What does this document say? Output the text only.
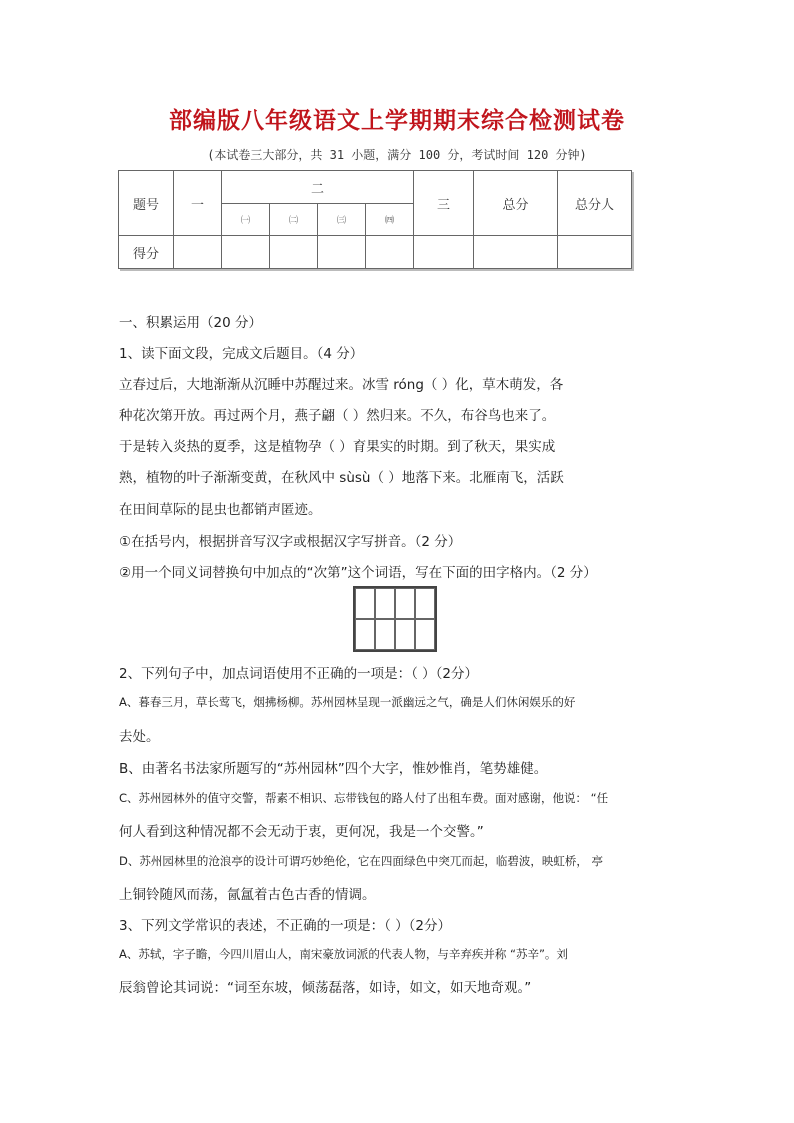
部编版八年级语文上学期期末综合检测试卷
(本试卷三大部分，共 31 小题，满分 100 分，考试时间 120 分钟)
题号	一	二				三	总分	总分人
		㈠	㈡	㈢	㈣			
得分								
一、积累运用（20 分）
1、读下面文段，完成文后题目。（4 分）
立春过后，大地渐渐从沉睡中苏醒过来。冰雪 róng（ ）化，草木萌发，各
种花次第开放。再过两个月，燕子翩（ ）然归来。不久，布谷鸟也来了。
于是转入炎热的夏季，这是植物孕（ ）育果实的时期。到了秋天，果实成
熟，植物的叶子渐渐变黄，在秋风中 sùsù（ ）地落下来。北雁南飞，活跃
在田间草际的昆虫也都销声匿迹。
①在括号内，根据拼音写汉字或根据汉字写拼音。（2 分）
②用一个同义词替换句中加点的“次第”这个词语，写在下面的田字格内。（2 分）
2、下列句子中，加点词语使用不正确的一项是：（ ）（2分）
A、暮春三月，草长莺飞，烟拂杨柳。苏州园林呈现一派幽远之气，确是人们休闲娱乐的好
去处。
B、由著名书法家所题写的“苏州园林”四个大字，惟妙惟肖，笔势雄健。
C、苏州园林外的值守交警，帮素不相识、忘带钱包的路人付了出租车费。面对感谢，他说： “任
何人看到这种情况都不会无动于衷，更何况，我是一个交警。”
D、苏州园林里的沧浪亭的设计可谓巧妙绝伦，它在四面绿色中突兀而起，临碧波，映虹桥， 亭
上铜铃随风而荡，氤氲着古色古香的情调。
3、下列文学常识的表述，不正确的一项是：（ ）（2分）
A、苏轼，字子瞻，今四川眉山人，南宋豪放词派的代表人物，与辛弃疾并称 “苏辛”。刘
辰翁曾论其词说：“词至东坡，倾荡磊落，如诗，如文，如天地奇观。”
